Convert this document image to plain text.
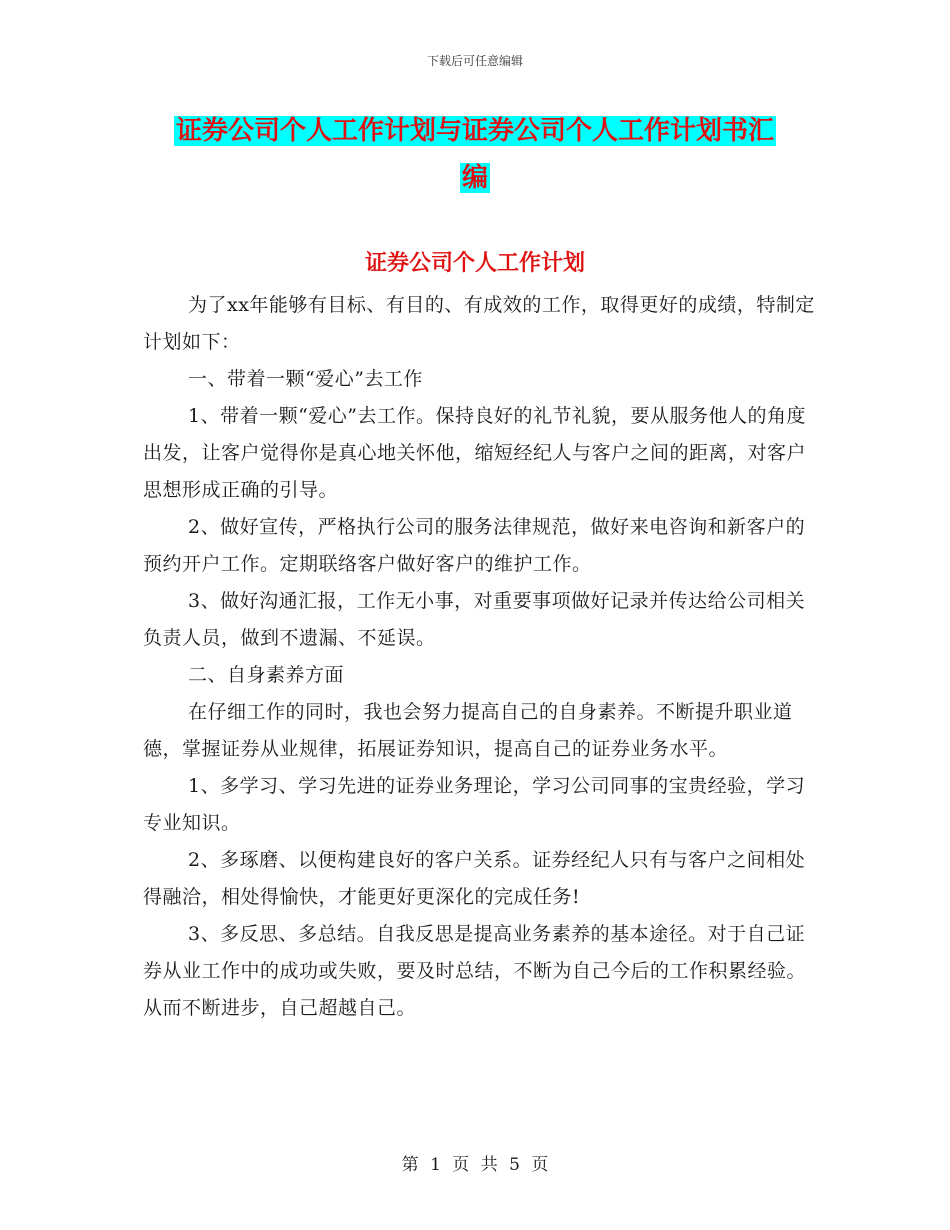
下载后可任意编辑
证券公司个人工作计划与证券公司个人工作计划书汇
编
证券公司个人工作计划

为了xx年能够有目标、有目的、有成效的工作，取得更好的成绩，特制定计划如下：

一、带着一颗“爱心”去工作

1、带着一颗“爱心”去工作。保持良好的礼节礼貌，要从服务他人的角度出发，让客户觉得你是真心地关怀他，缩短经纪人与客户之间的距离，对客户思想形成正确的引导。

2、做好宣传，严格执行公司的服务法律规范，做好来电咨询和新客户的预约开户工作。定期联络客户做好客户的维护工作。

3、做好沟通汇报，工作无小事，对重要事项做好记录并传达给公司相关负责人员，做到不遗漏、不延误。

二、自身素养方面

在仔细工作的同时，我也会努力提高自己的自身素养。不断提升职业道德，掌握证券从业规律，拓展证券知识，提高自己的证券业务水平。

1、多学习、学习先进的证券业务理论，学习公司同事的宝贵经验，学习专业知识。

2、多琢磨、以便构建良好的客户关系。证券经纪人只有与客户之间相处得融洽，相处得愉快，才能更好更深化的完成任务!

3、多反思、多总结。自我反思是提高业务素养的基本途径。对于自己证券从业工作中的成功或失败，要及时总结，不断为自己今后的工作积累经验。从而不断进步，自己超越自己。

第 1 页 共 5 页
